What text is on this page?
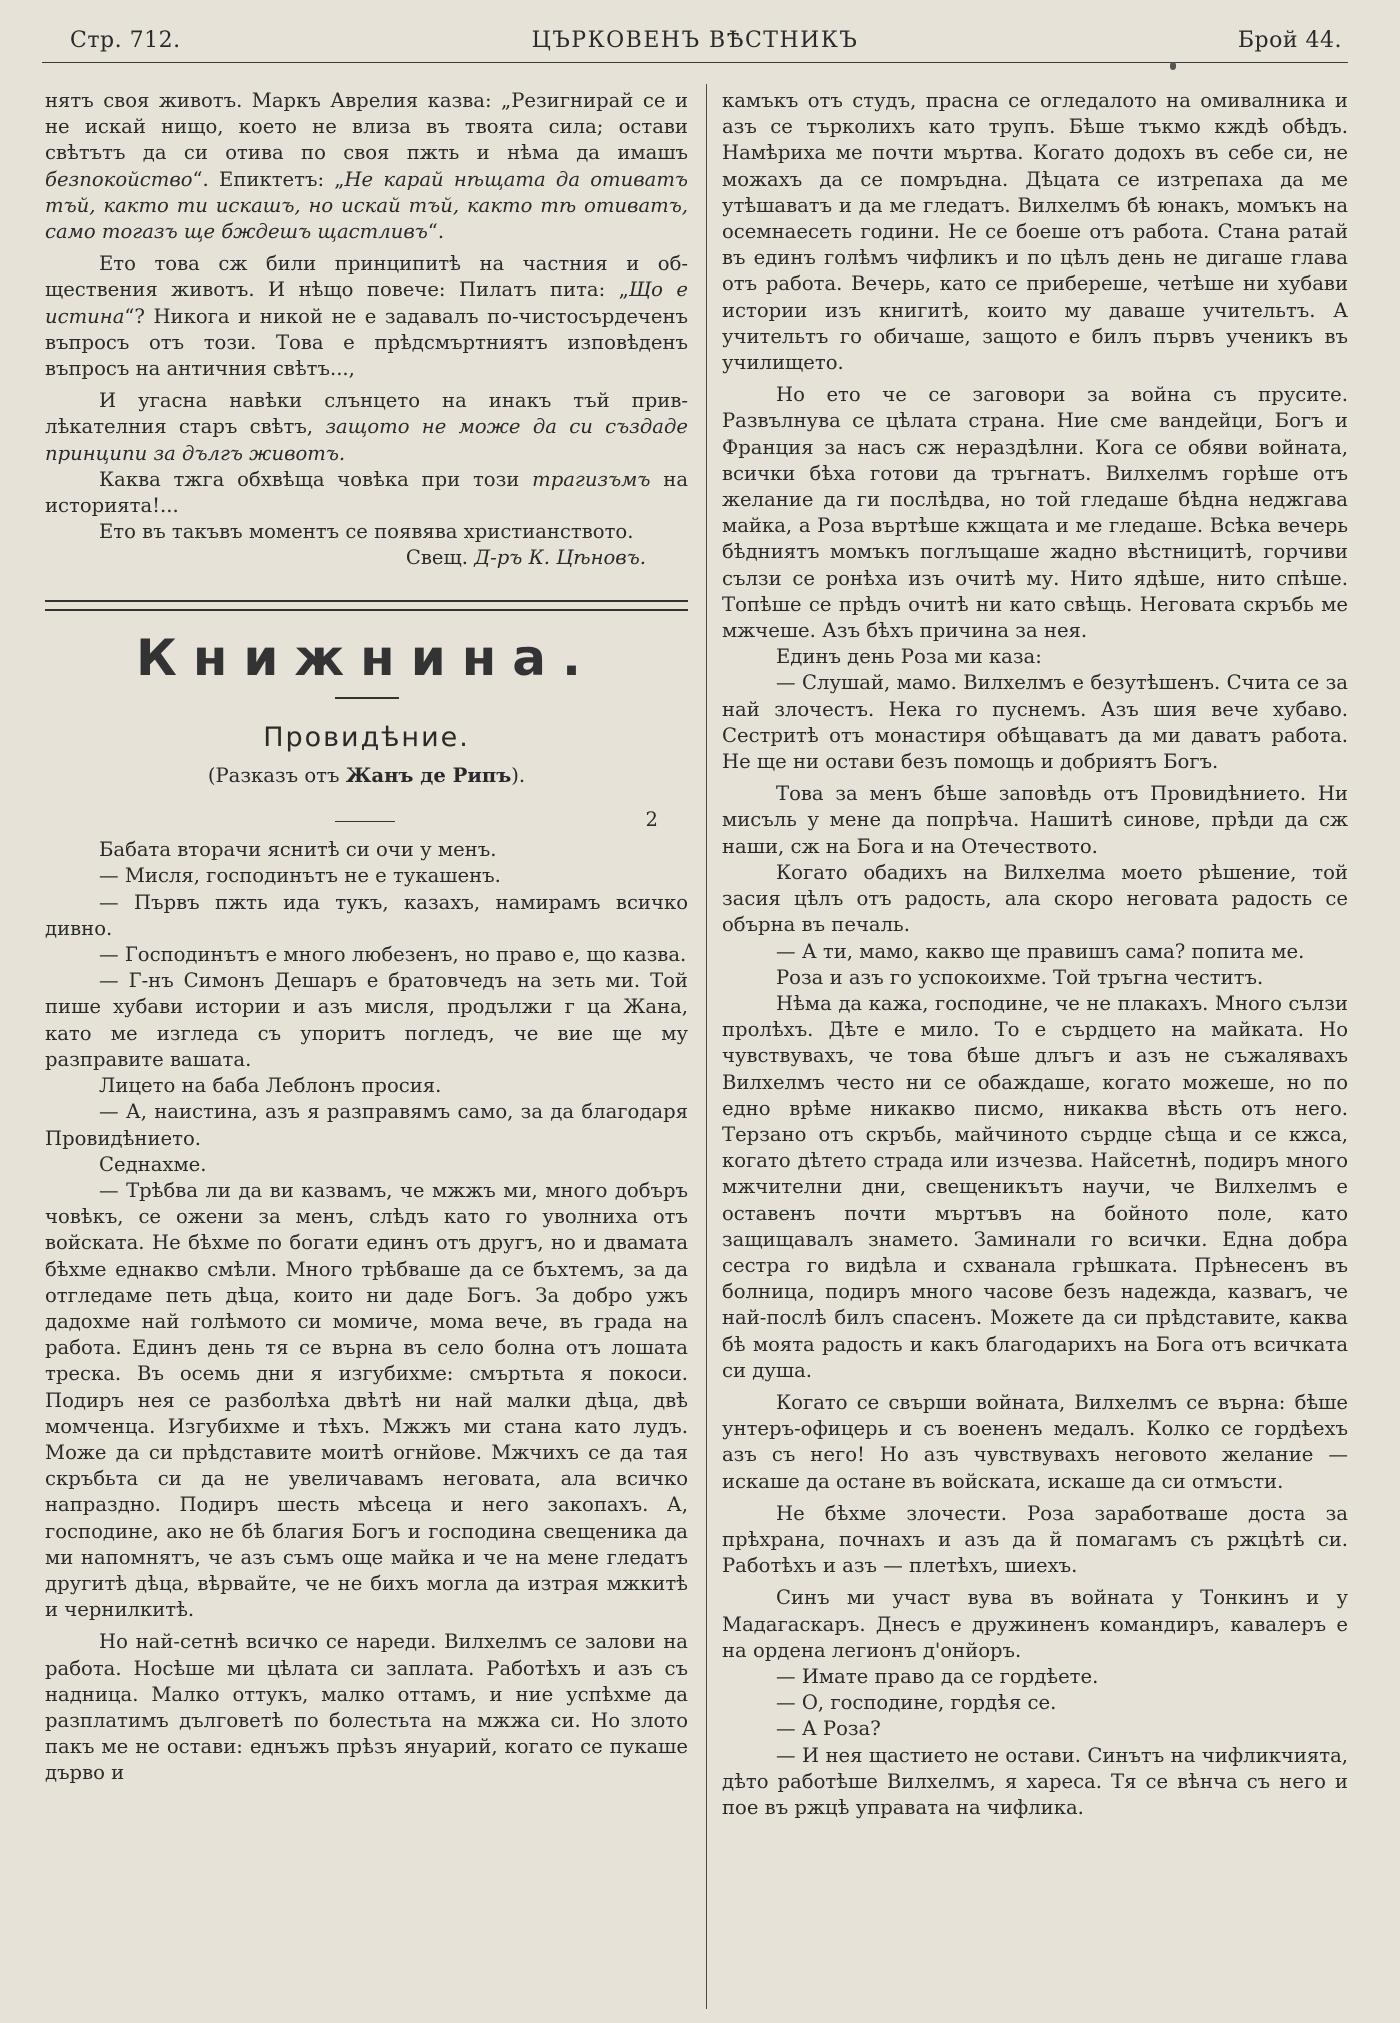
Стр. 712.	ЦЪРКОВЕНЪ ВѢСТНИКЪ	Брой 44.

нятъ своя животъ. Маркъ Аврелия казва: „Резигнирай се и не искай нищо, което не влиза въ твоята сила; остави свѣтътъ да си отива по своя пжть и нѣма да имашъ безпокойство“. Епиктетъ: „Не карай нѣщата да отиватъ тъй, както ти искашъ, но искай тъй, както тѣ отиватъ, само тогазъ ще бждешъ щастливъ“.

Ето това сж били принципитѣ на частния и обществения животъ. И нѣщо повече: Пилатъ пита: „Що е истина“? Никога и никой не е задавалъ по-чистосърдеченъ въпросъ отъ този. Това е прѣдсмъртниятъ изповѣденъ въпросъ на античния свѣтъ...,

И угасна навѣки слънцето на инакъ тъй привлѣкателния старъ свѣтъ, защото не може да си създаде принципи за дългъ животъ.

Каква тжга обхвѣща човѣка при този трагизъмъ на историята!...

Ето въ такъвъ моментъ се появява христианството.

Свещ. Д-ръ К. Цѣновъ.

Книжнина.
Провидѣние.
(Разказъ отъ Жанъ де Рипъ).
2

Бабата вторачи яснитѣ си очи у менъ.

— Мисля, господинътъ не е тукашенъ.

— Първъ пжть ида тукъ, казахъ, намирамъ всичко дивно.

— Господинътъ е много любезенъ, но право е, що казва.

— Г-нъ Симонъ Дешаръ е братовчедъ на зеть ми. Той пише хубави истории и азъ мисля, продължи г ца Жана, като ме изгледа съ упоритъ погледъ, че вие ще му разправите вашата.

Лицето на баба Леблонъ просия.

— А, наистина, азъ я разправямъ само, за да благодаря Провидѣнието.

Седнахме.

— Трѣбва ли да ви казвамъ, че мжжъ ми, много добъръ човѣкъ, се ожени за менъ, слѣдъ като го уволниха отъ войската. Не бѣхме по богати единъ отъ другъ, но и двамата бѣхме еднакво смѣли. Много трѣбваше да се бъхтемъ, за да отгледаме петь дѣца, които ни даде Богъ. За добро ужъ дадохме най голѣмото си момиче, мома вече, въ града на работа. Единъ день тя се върна въ село болна отъ лошата треска. Въ осемь дни я изгубихме: смъртьта я покоси. Подиръ нея се разболѣха двѣтѣ ни най малки дѣца, двѣ момченца. Изгубихме и тѣхъ. Мжжъ ми стана като лудъ. Може да си прѣдставите моитѣ огнйове. Мжчихъ се да тая скръбьта си да не увеличавамъ неговата, ала всичко напраздно. Подиръ шесть мѣсеца и него закопахъ. А, господине, ако не бѣ благия Богъ и господина свещеника да ми напомнятъ, че азъ съмъ още майка и че на мене гледатъ другитѣ дѣца, вѣрвайте, че не бихъ могла да изтрая мжкитѣ и чернилкитѣ.

Но най-сетнѣ всичко се нареди. Вилхелмъ се залови на работа. Носѣше ми цѣлата си заплата. Работѣхъ и азъ съ надница. Малко оттукъ, малко оттамъ, и ние успѣхме да разплатимъ дълговетѣ по болестьта на мжжа си. Но злото пакъ ме не остави: еднъжъ прѣзъ януарий, когато се пукаше дърво и

камъкъ отъ студъ, прасна се огледалото на омивалника и азъ се търколихъ като трупъ. Бѣше тъкмо кждѣ обѣдъ. Намѣриха ме почти мъртва. Когато додохъ въ себе си, не можахъ да се помръдна. Дѣцата се изтрепаха да ме утѣшаватъ и да ме гледатъ. Вилхелмъ бѣ юнакъ, момъкъ на осемнаесеть години. Не се боеше отъ работа. Стана ратай въ единъ голѣмъ чифликъ и по цѣлъ день не дигаше глава отъ работа. Вечерь, като се прибереше, четѣше ни хубави истории изъ книгитѣ, които му даваше учительтъ. А учительтъ го обичаше, защото е билъ първъ ученикъ въ училището.

Но ето че се заговори за война съ прусите. Развълнува се цѣлата страна. Ние сме вандейци, Богъ и Франция за насъ сж нераздѣлни. Кога се обяви войната, всички бѣха готови да тръгнатъ. Вилхелмъ горѣше отъ желание да ги послѣдва, но той гледаше бѣдна неджгава майка, а Роза въртѣше кжщата и ме гледаше. Всѣка вечерь бѣдниятъ момъкъ поглъщаше жадно вѣстницитѣ, горчиви сълзи се ронѣха изъ очитѣ му. Нито ядѣше, нито спѣше. Топѣше се прѣдъ очитѣ ни като свѣщь. Неговата скръбь ме мжчеше. Азъ бѣхъ причина за нея.

Единъ день Роза ми каза:

— Слушай, мамо. Вилхелмъ е безутѣшенъ. Счита се за най злочестъ. Нека го пуснемъ. Азъ шия вече хубаво. Сестритѣ отъ монастиря обѣщаватъ да ми даватъ работа. Не ще ни остави безъ помощь и добриятъ Богъ.

Това за менъ бѣше заповѣдь отъ Провидѣнието. Ни мисъль у мене да попрѣча. Нашитѣ синове, прѣди да сж наши, сж на Бога и на Отечеството.

Когато обадихъ на Вилхелма моето рѣшение, той засия цѣлъ отъ радость, ала скоро неговата радость се обърна въ печаль.

— А ти, мамо, какво ще правишъ сама? попита ме.

Роза и азъ го успокоихме. Той тръгна честитъ.

Нѣма да кажа, господине, че не плакахъ. Много сълзи пролѣхъ. Дѣте е мило. То е сърдцето на майката. Но чувствувахъ, че това бѣше длъгъ и азъ не съжалявахъ Вилхелмъ често ни се обаждаше, когато можеше, но по едно врѣме никакво писмо, никаква вѣсть отъ него. Терзано отъ скръбь, майчиното сърдце сѣща и се кжса, когато дѣтето страда или изчезва. Найсетнѣ, подиръ много мжчителни дни, свещеникътъ научи, че Вилхелмъ е оставенъ почти мъртъвъ на бойното поле, като защищавалъ знамето. Заминали го всички. Една добра сестра го видѣла и схванала грѣшката. Прѣнесенъ въ болница, подиръ много часове безъ надежда, казваrъ, че най-послѣ билъ спасенъ. Можете да си прѣдставите, каква бѣ моята радость и какъ благодарихъ на Бога отъ всичката си душа.

Когато се свърши войната, Вилхелмъ се върна: бѣше унтеръ-офицерь и съ воененъ медалъ. Колко се гордѣехъ азъ съ него! Но азъ чувствувахъ неговото желание — искаше да остане въ войската, искаше да си отмъсти.

Не бѣхме злочести. Роза заработваше доста за прѣхрана, почнахъ и азъ да й помагамъ съ ржцѣтѣ си. Работѣхъ и азъ — плетѣхъ, шиехъ.

Синъ ми участ вува въ войната у Тонкинъ и у Мадагаскаръ. Днесъ е дружиненъ командиръ, кавалеръ е на ордена легионъ д'онйоръ.

— Имате право да се гордѣете.

— О, господине, гордѣя се.

— А Роза?

— И нея щастието не остави. Синътъ на чифликчията, дѣто работѣше Вилхелмъ, я хареса. Тя се вѣнча съ него и пое въ ржцѣ управата на чифлика.
